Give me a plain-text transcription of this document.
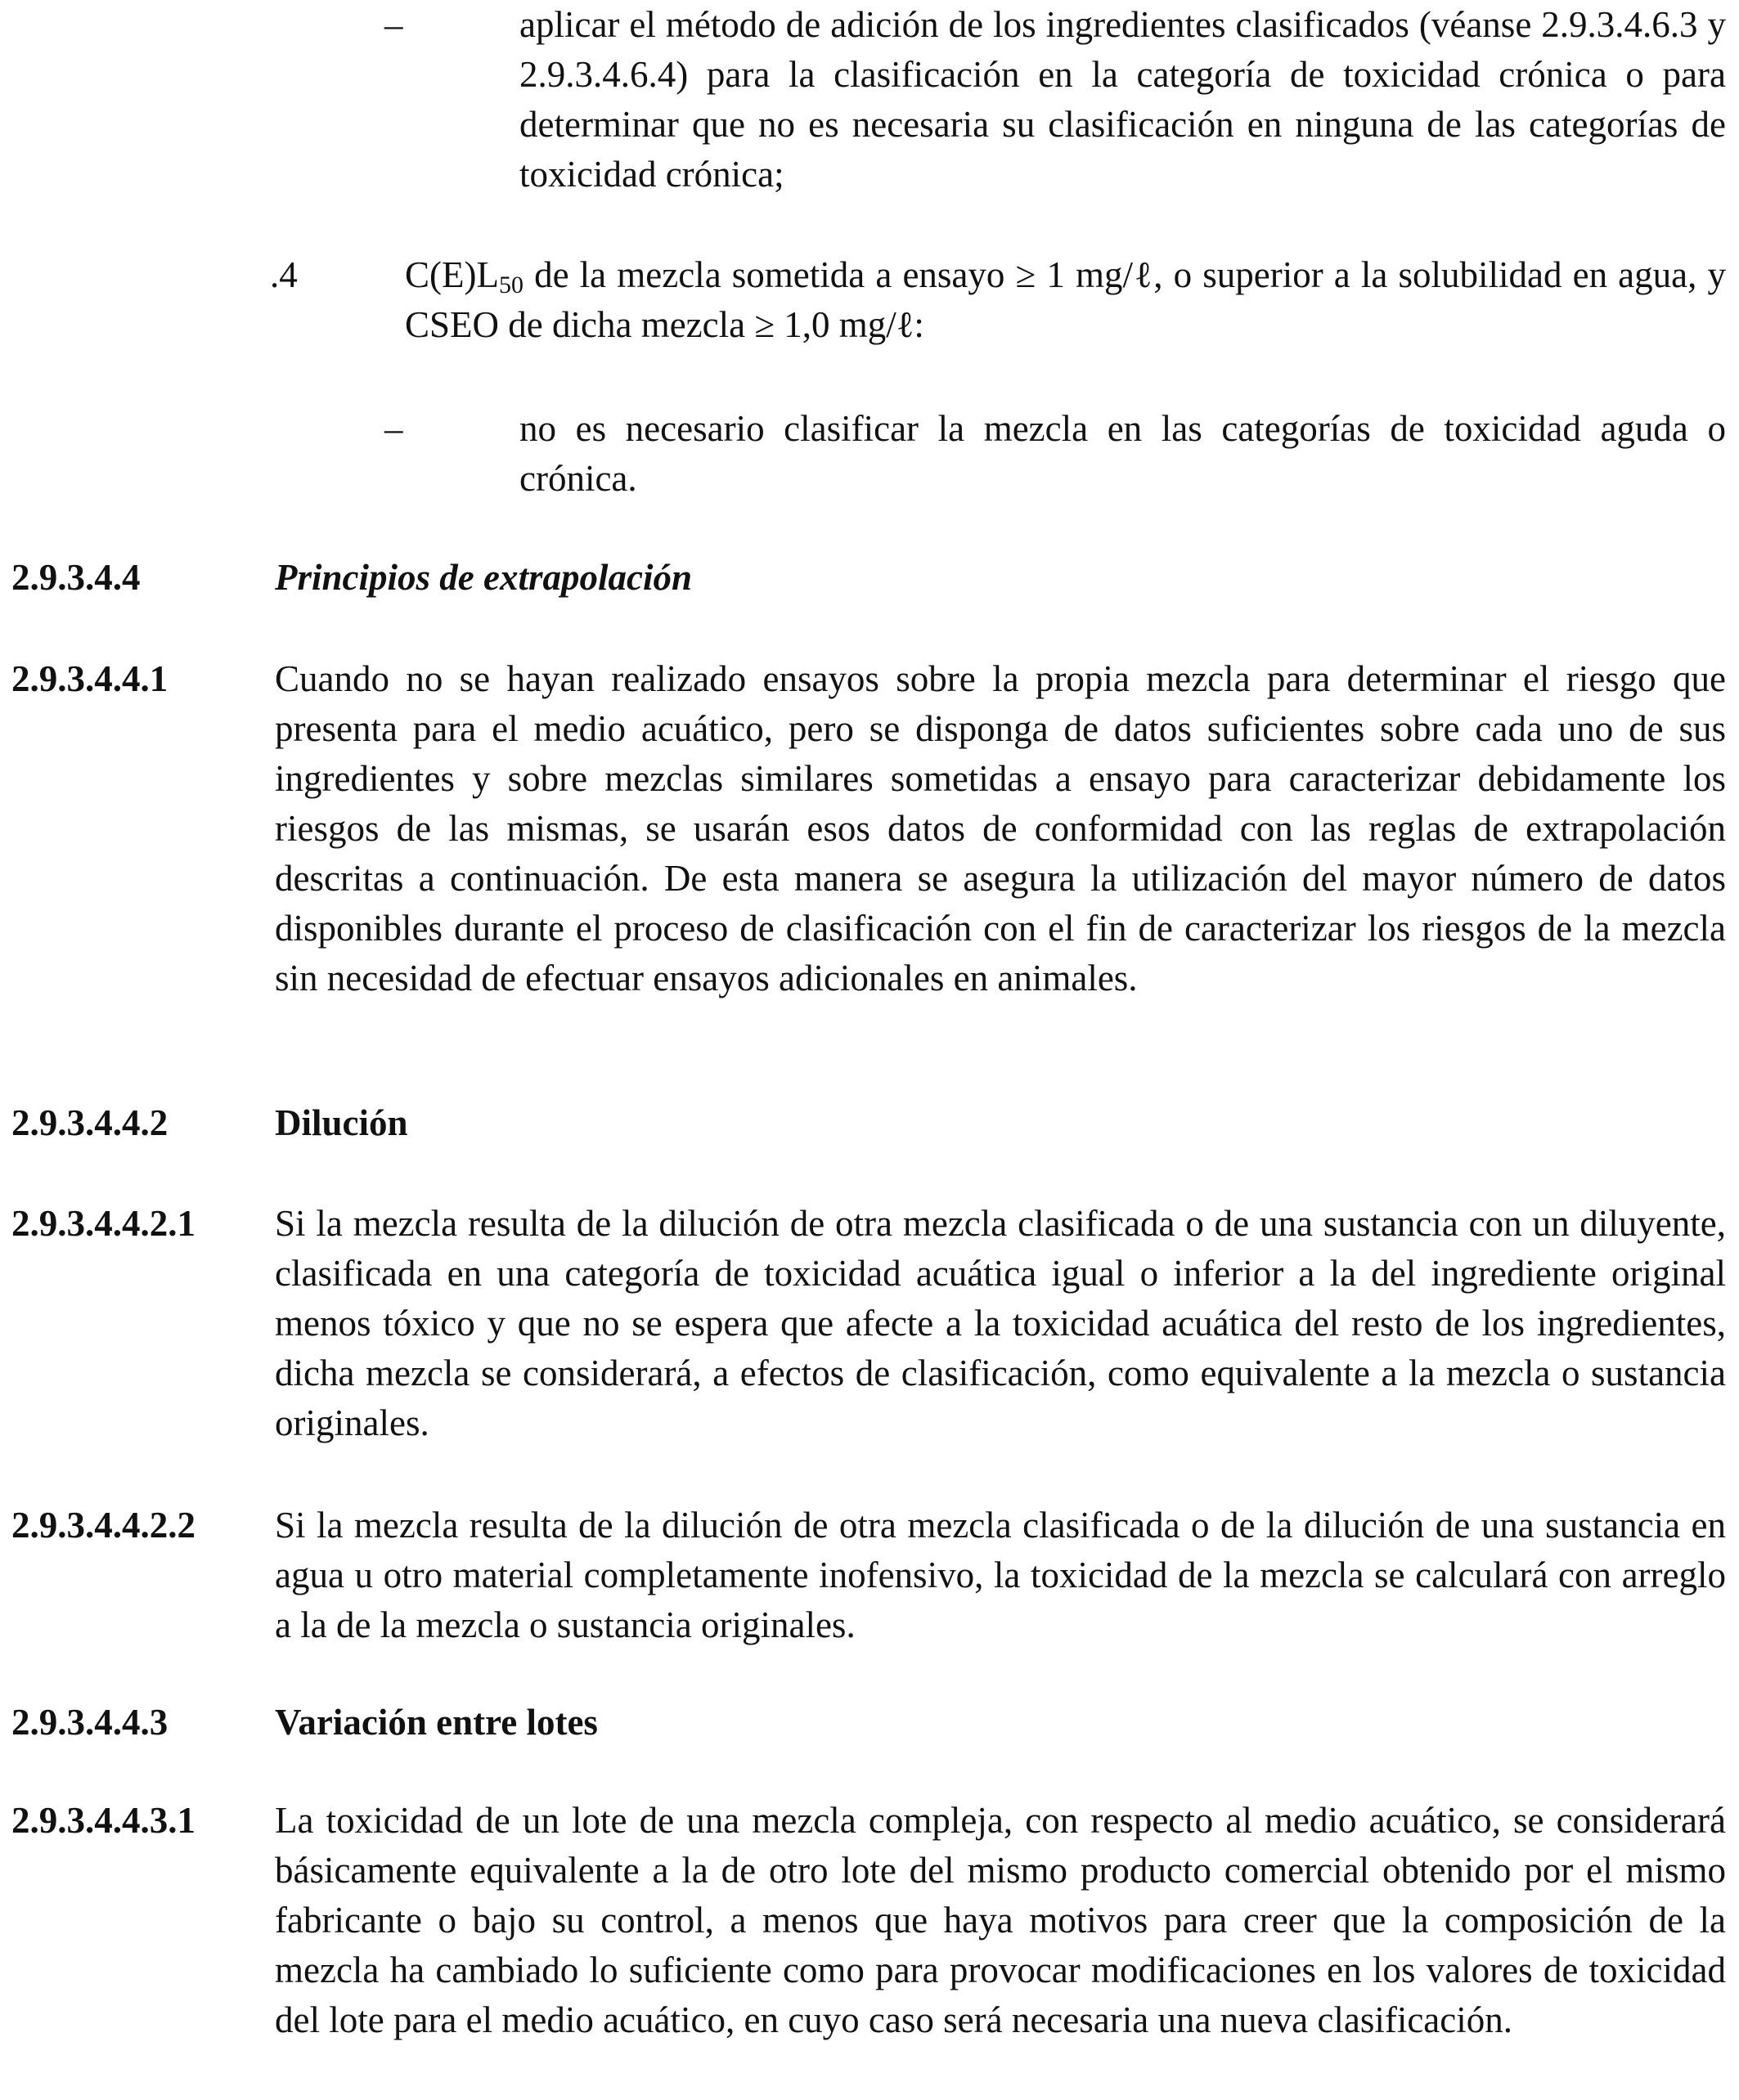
–	aplicar el método de adición de los ingredientes clasificados (véanse 2.9.3.4.6.3 y 2.9.3.4.6.4) para la clasificación en la categoría de toxicidad crónica o para determinar que no es necesaria su clasificación en ninguna de las categorías de toxicidad crónica;
.4	$C(E)L_{50}$ de la mezcla sometida a ensayo ≥ 1 mg/ℓ, o superior a la solubilidad en agua, y CSEO de dicha mezcla ≥ 1,0 mg/ℓ:
–	no es necesario clasificar la mezcla en las categorías de toxicidad aguda o crónica.
2.9.3.4.4	Principios de extrapolación
2.9.3.4.4.1	Cuando no se hayan realizado ensayos sobre la propia mezcla para determinar el riesgo que presenta para el medio acuático, pero se disponga de datos suficientes sobre cada uno de sus ingredientes y sobre mezclas similares sometidas a ensayo para caracterizar debidamente los riesgos de las mismas, se usarán esos datos de conformidad con las reglas de extrapolación descritas a continuación. De esta manera se asegura la utilización del mayor número de datos disponibles durante el proceso de clasificación con el fin de caracterizar los riesgos de la mezcla sin necesidad de efectuar ensayos adicionales en animales.
2.9.3.4.4.2	Dilución
2.9.3.4.4.2.1 Si la mezcla resulta de la dilución de otra mezcla clasificada o de una sustancia con un diluyente, clasificada en una categoría de toxicidad acuática igual o inferior a la del ingrediente original menos tóxico y que no se espera que afecte a la toxicidad acuática del resto de los ingredientes, dicha mezcla se considerará, a efectos de clasificación, como equivalente a la mezcla o sustancia originales.
2.9.3.4.4.2.2 Si la mezcla resulta de la dilución de otra mezcla clasificada o de la dilución de una sustancia en agua u otro material completamente inofensivo, la toxicidad de la mezcla se calculará con arreglo a la de la mezcla o sustancia originales.
2.9.3.4.4.3	Variación entre lotes
2.9.3.4.4.3.1 La toxicidad de un lote de una mezcla compleja, con respecto al medio acuático, se considerará básicamente equivalente a la de otro lote del mismo producto comercial obtenido por el mismo fabricante o bajo su control, a menos que haya motivos para creer que la composición de la mezcla ha cambiado lo suficiente como para provocar modificaciones en los valores de toxicidad del lote para el medio acuático, en cuyo caso será necesaria una nueva clasificación.
